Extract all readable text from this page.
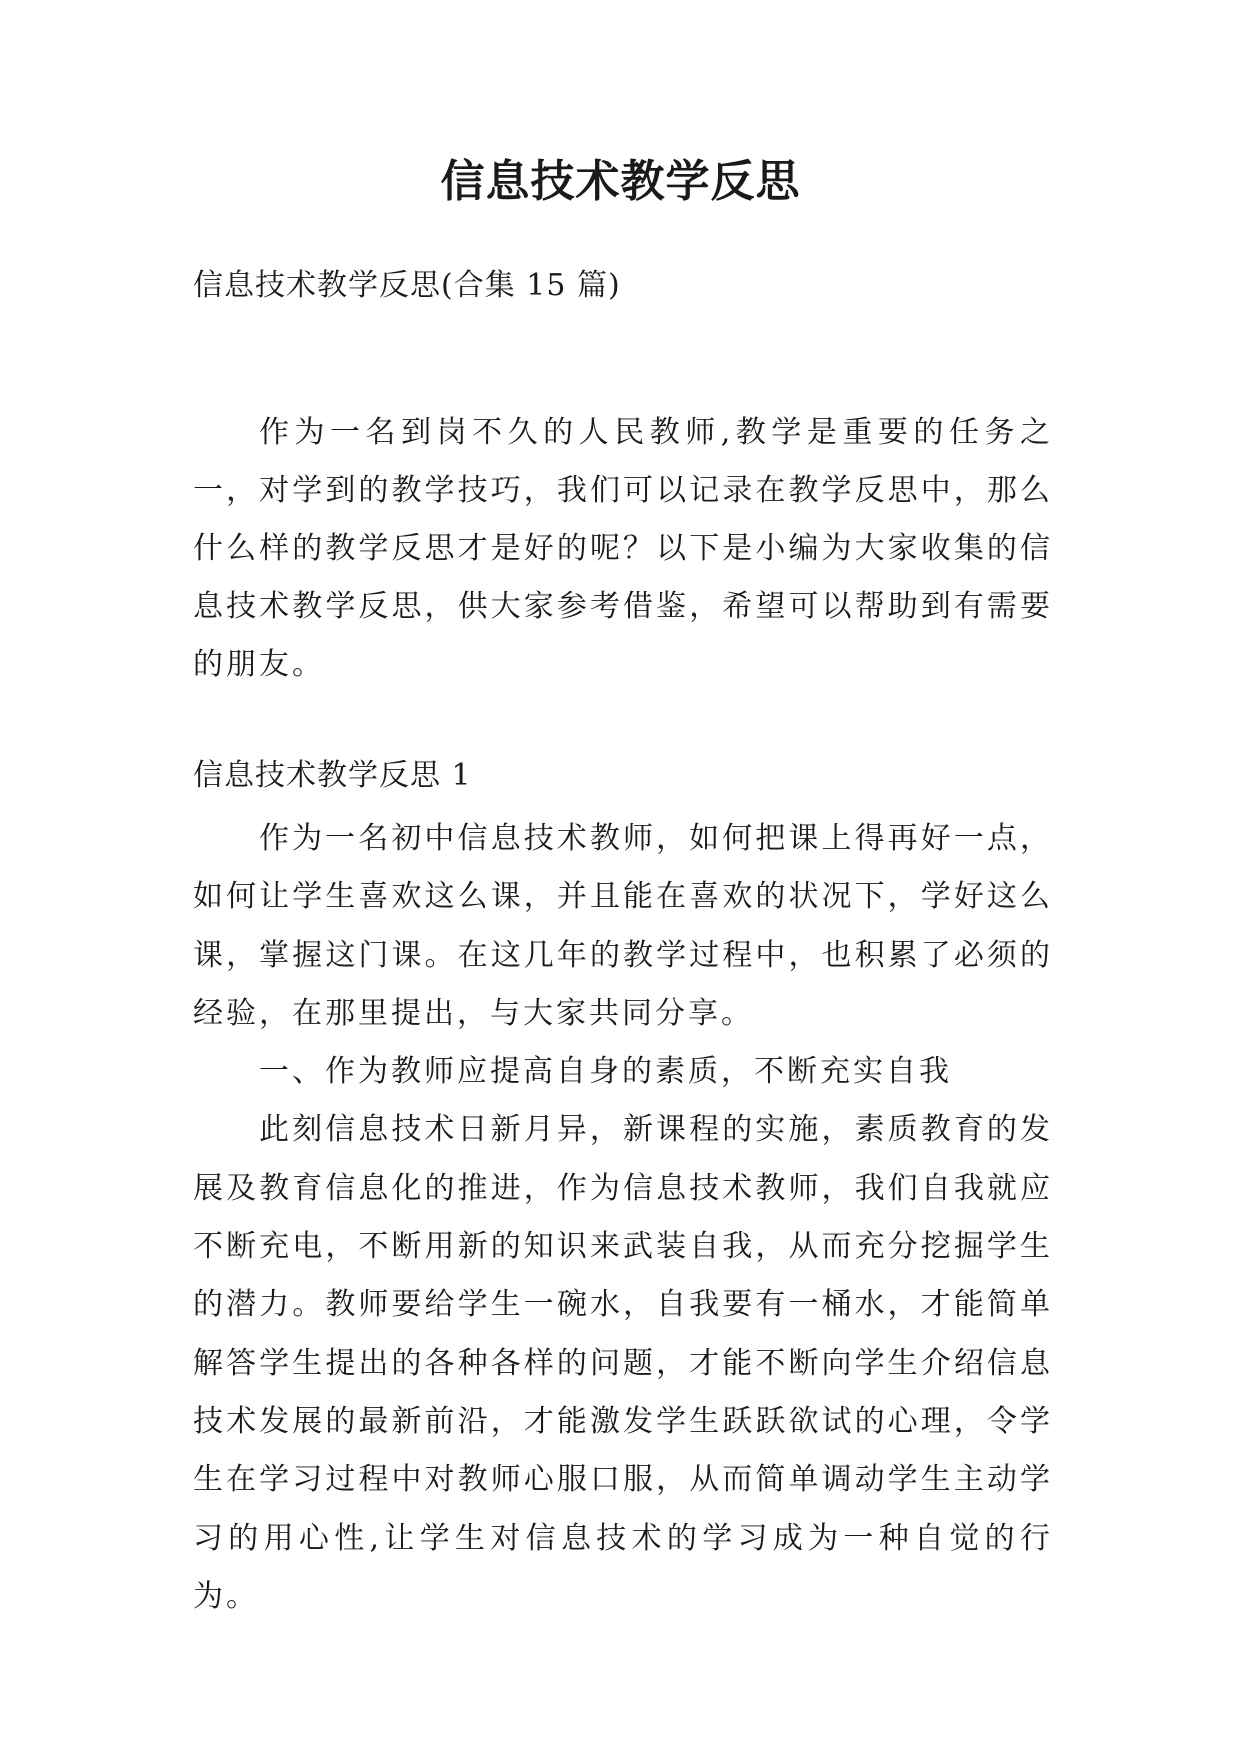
信息技术教学反思
信息技术教学反思(合集 15 篇)

作为一名到岗不久的人民教师,教学是重要的任务之一，对学到的教学技巧，我们可以记录在教学反思中，那么什么样的教学反思才是好的呢？以下是小编为大家收集的信息技术教学反思，供大家参考借鉴，希望可以帮助到有需要的朋友。

信息技术教学反思 1

作为一名初中信息技术教师，如何把课上得再好一点，如何让学生喜欢这么课，并且能在喜欢的状况下，学好这么课，掌握这门课。在这几年的教学过程中，也积累了必须的经验，在那里提出，与大家共同分享。

一、作为教师应提高自身的素质，不断充实自我

此刻信息技术日新月异，新课程的实施，素质教育的发展及教育信息化的推进，作为信息技术教师，我们自我就应不断充电，不断用新的知识来武装自我，从而充分挖掘学生的潜力。教师要给学生一碗水，自我要有一桶水，才能简单解答学生提出的各种各样的问题，才能不断向学生介绍信息技术发展的最新前沿，才能激发学生跃跃欲试的心理，令学生在学习过程中对教师心服口服，从而简单调动学生主动学习的用心性,让学生对信息技术的学习成为一种自觉的行为。
